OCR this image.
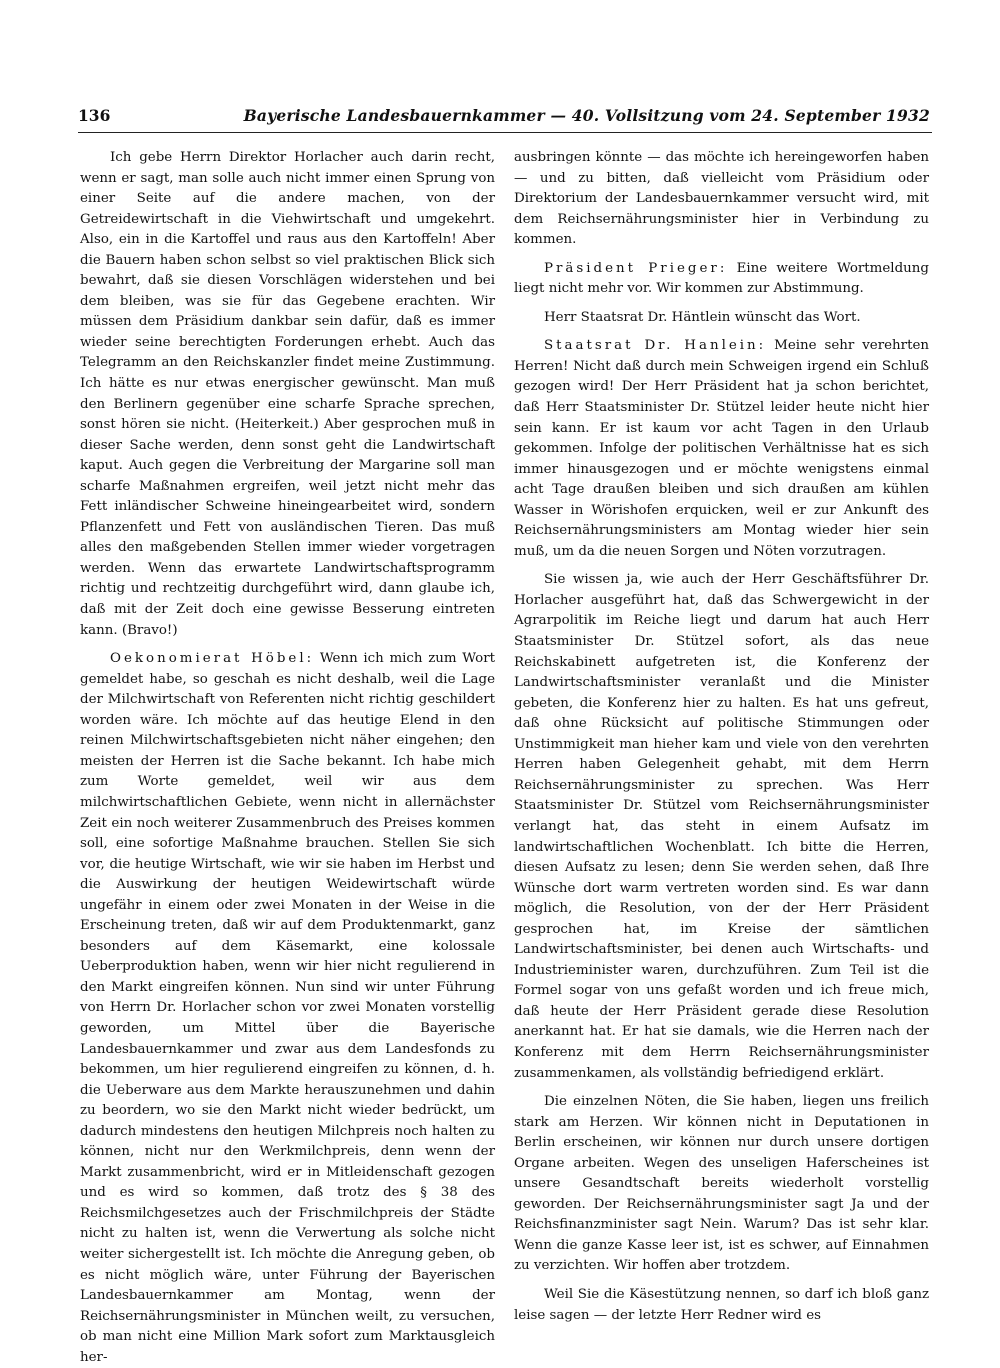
136	Bayerische Landesbauernkammer — 40. Vollsitzung vom 24. September 1932

Ich gebe Herrn Direktor Horlacher auch darin recht, wenn er sagt, man solle auch nicht immer einen Sprung von einer Seite auf die andere machen, von der Getreidewirtschaft in die Viehwirtschaft und umgekehrt. Also, ein in die Kartoffel und raus aus den Kartoffeln! Aber die Bauern haben schon selbst so viel praktischen Blick sich bewahrt, daß sie diesen Vorschlägen widerstehen und bei dem bleiben, was sie für das Gegebene erachten. Wir müssen dem Präsidium dankbar sein dafür, daß es immer wieder seine berechtigten Forderungen erhebt. Auch das Telegramm an den Reichskanzler findet meine Zustimmung. Ich hätte es nur etwas energischer gewünscht. Man muß den Berlinern gegenüber eine scharfe Sprache sprechen, sonst hören sie nicht. (Heiterkeit.) Aber gesprochen muß in dieser Sache werden, denn sonst geht die Landwirtschaft kaput. Auch gegen die Verbreitung der Margarine soll man scharfe Maßnahmen ergreifen, weil jetzt nicht mehr das Fett inländischer Schweine hineingearbeitet wird, sondern Pflanzenfett und Fett von ausländischen Tieren. Das muß alles den maßgebenden Stellen immer wieder vorgetragen werden. Wenn das erwartete Landwirtschaftsprogramm richtig und rechtzeitig durchgeführt wird, dann glaube ich, daß mit der Zeit doch eine gewisse Besserung eintreten kann. (Bravo!)

Oekonomierat Höbel: Wenn ich mich zum Wort gemeldet habe, so geschah es nicht deshalb, weil die Lage der Milchwirtschaft von Referenten nicht richtig geschildert worden wäre. Ich möchte auf das heutige Elend in den reinen Milchwirtschaftsgebieten nicht näher eingehen; den meisten der Herren ist die Sache bekannt. Ich habe mich zum Worte gemeldet, weil wir aus dem milchwirtschaftlichen Gebiete, wenn nicht in allernächster Zeit ein noch weiterer Zusammenbruch des Preises kommen soll, eine sofortige Maßnahme brauchen. Stellen Sie sich vor, die heutige Wirtschaft, wie wir sie haben im Herbst und die Auswirkung der heutigen Weidewirtschaft würde ungefähr in einem oder zwei Monaten in der Weise in die Erscheinung treten, daß wir auf dem Produktenmarkt, ganz besonders auf dem Käsemarkt, eine kolossale Ueberproduktion haben, wenn wir hier nicht regulierend in den Markt eingreifen können. Nun sind wir unter Führung von Herrn Dr. Horlacher schon vor zwei Monaten vorstellig geworden, um Mittel über die Bayerische Landesbauernkammer und zwar aus dem Landesfonds zu bekommen, um hier regulierend eingreifen zu können, d. h. die Ueberware aus dem Markte herauszunehmen und dahin zu beordern, wo sie den Markt nicht wieder bedrückt, um dadurch mindestens den heutigen Milchpreis noch halten zu können, nicht nur den Werkmilchpreis, denn wenn der Markt zusammenbricht, wird er in Mitleidenschaft gezogen und es wird so kommen, daß trotz des § 38 des Reichsmilchgesetzes auch der Frischmilchpreis der Städte nicht zu halten ist, wenn die Verwertung als solche nicht weiter sichergestellt ist. Ich möchte die Anregung geben, ob es nicht möglich wäre, unter Führung der Bayerischen Landesbauernkammer am Montag, wenn der Reichsernährungsminister in München weilt, zu versuchen, ob man nicht eine Million Mark sofort zum Marktausgleich her-

ausbringen könnte — das möchte ich hereingeworfen haben — und zu bitten, daß vielleicht vom Präsidium oder Direktorium der Landesbauernkammer versucht wird, mit dem Reichsernährungsminister hier in Verbindung zu kommen.

Präsident Prieger: Eine weitere Wortmeldung liegt nicht mehr vor. Wir kommen zur Abstimmung.

Herr Staatsrat Dr. Häntlein wünscht das Wort.

Staatsrat Dr. Hanlein: Meine sehr verehrten Herren! Nicht daß durch mein Schweigen irgend ein Schluß gezogen wird! Der Herr Präsident hat ja schon berichtet, daß Herr Staatsminister Dr. Stützel leider heute nicht hier sein kann. Er ist kaum vor acht Tagen in den Urlaub gekommen. Infolge der politischen Verhältnisse hat es sich immer hinausgezogen und er möchte wenigstens einmal acht Tage draußen bleiben und sich draußen am kühlen Wasser in Wörishofen erquicken, weil er zur Ankunft des Reichsernährungsministers am Montag wieder hier sein muß, um da die neuen Sorgen und Nöten vorzutragen.

Sie wissen ja, wie auch der Herr Geschäftsführer Dr. Horlacher ausgeführt hat, daß das Schwergewicht in der Agrarpolitik im Reiche liegt und darum hat auch Herr Staatsminister Dr. Stützel sofort, als das neue Reichskabinett aufgetreten ist, die Konferenz der Landwirtschaftsminister veranlaßt und die Minister gebeten, die Konferenz hier zu halten. Es hat uns gefreut, daß ohne Rücksicht auf politische Stimmungen oder Unstimmigkeit man hieher kam und viele von den verehrten Herren haben Gelegenheit gehabt, mit dem Herrn Reichsernährungsminister zu sprechen. Was Herr Staatsminister Dr. Stützel vom Reichsernährungsminister verlangt hat, das steht in einem Aufsatz im landwirtschaftlichen Wochenblatt. Ich bitte die Herren, diesen Aufsatz zu lesen; denn Sie werden sehen, daß Ihre Wünsche dort warm vertreten worden sind. Es war dann möglich, die Resolution, von der der Herr Präsident gesprochen hat, im Kreise der sämtlichen Landwirtschaftsminister, bei denen auch Wirtschafts- und Industrieminister waren, durchzuführen. Zum Teil ist die Formel sogar von uns gefaßt worden und ich freue mich, daß heute der Herr Präsident gerade diese Resolution anerkannt hat. Er hat sie damals, wie die Herren nach der Konferenz mit dem Herrn Reichsernährungsminister zusammenkamen, als vollständig befriedigend erklärt.

Die einzelnen Nöten, die Sie haben, liegen uns freilich stark am Herzen. Wir können nicht in Deputationen in Berlin erscheinen, wir können nur durch unsere dortigen Organe arbeiten. Wegen des unseligen Haferscheines ist unsere Gesandtschaft bereits wiederholt vorstellig geworden. Der Reichsernährungsminister sagt Ja und der Reichsfinanzminister sagt Nein. Warum? Das ist sehr klar. Wenn die ganze Kasse leer ist, ist es schwer, auf Einnahmen zu verzichten. Wir hoffen aber trotzdem.

Weil Sie die Käsestützung nennen, so darf ich bloß ganz leise sagen — der letzte Herr Redner wird es
